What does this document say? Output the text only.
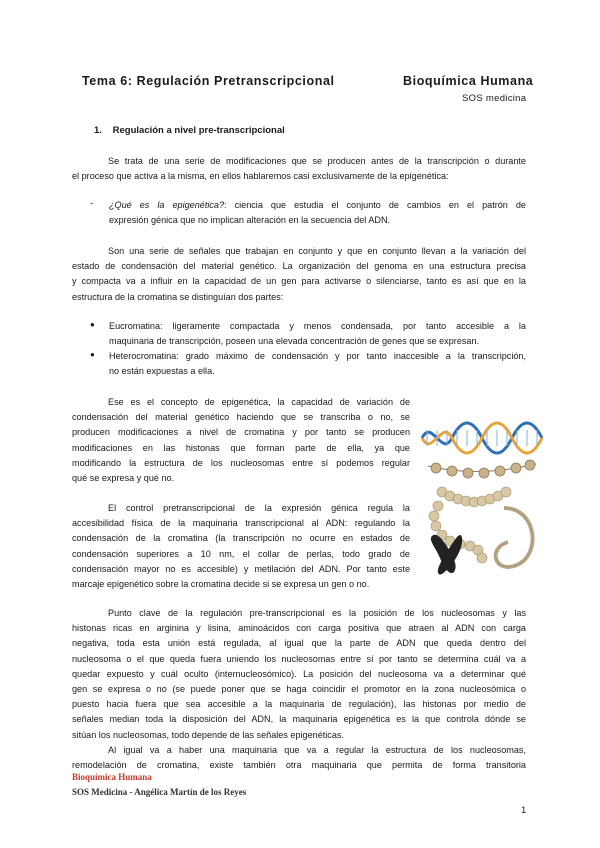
Tema 6: Regulación Pretranscripcional	Bioquímica Humana
SOS medicina
1. Regulación a nivel pre-transcripcional
Se trata de una serie de modificaciones que se producen antes de la transcripción o durante
el proceso que activa a la misma, en ellos hablaremos casi exclusivamente de la epigenética:
- ¿Qué es la epigenética?: ciencia que estudia el conjunto de cambios en el patrón de
expresión génica que no implican alteración en la secuencia del ADN.
Son una serie de señales que trabajan en conjunto y que en conjunto llevan a la variación del
estado de condensación del material genético. La organización del genoma en una estructura precisa
y compacta va a influir en la capacidad de un gen para activarse o silenciarse, tanto es así que en la
estructura de la cromatina se distinguían dos partes:
● Eucromatina: ligeramente compactada y menos condensada, por tanto accesible a la
maquinaria de transcripción, poseen una elevada concentración de genes que se expresan.
● Heterocromatina: grado máximo de condensación y por tanto inaccesible a la transcripción,
no están expuestas a ella.
Ese es el concepto de epigenética, la capacidad de variación de
condensación del material genético haciendo que se transcriba o no, se
producen modificaciones a nivel de cromatina y por tanto se producen
modificaciones en las histonas que forman parte de ella, ya que
modificando la estructura de los nucleosomas entre sí podemos regular
qué se expresa y qué no.
El control pretranscripcional de la expresión génica regula la
accesibilidad física de la maquinaria transcripcional al ADN: regulando la
condensación de la cromatina (la transcripción no ocurre en estados de
condensación superiores a 10 nm, el collar de perlas, todo grado de
condensación mayor no es accesible) y metilación del ADN. Por tanto este
marcaje epigenético sobre la cromatina decide si se expresa un gen o no.
Punto clave de la regulación pre-transcripcional es la posición de los nucleosomas y las
histonas ricas en arginina y lisina, aminoácidos con carga positiva que atraen al ADN con carga
negativa, toda esta unión está regulada, al igual que la parte de ADN que queda dentro del
nucleosoma o el que queda fuera uniendo los nucleosomas entre sí por tanto se determina cuál va a
quedar expuesto y cuál oculto (internucleosómico). La posición del nucleosoma va a determinar qué
gen se expresa o no (se puede poner que se haga coincidir el promotor en la zona nucleosómica o
puesto hacia fuera que sea accesible a la maquinaria de regulación), las histonas por medio de
señales median toda la disposición del ADN, la maquinaria epigenética es la que controla dónde se
sitúan los nucleosomas, todo depende de las señales epigenéticas.
Al igual va a haber una maquinaria que va a regular la estructura de los nucleosomas,
remodelación de cromatina, existe también otra maquinaria que permita de forma transitoria
Bioquímica Humana
SOS Medicina - Angélica Martín de los Reyes
1
